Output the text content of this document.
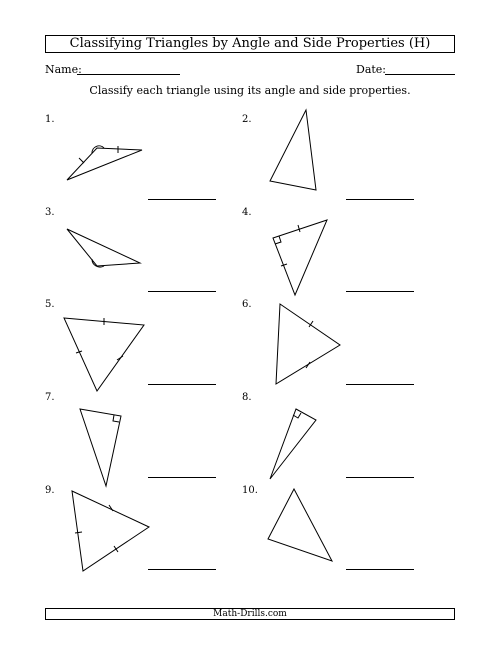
Classifying Triangles by Angle and Side Properties (H)
Name:	Date:
Classify each triangle using its angle and side properties.
1.	2.
3.	4.
5.	6.
7.	8.
9.	10.
Math-Drills.com
